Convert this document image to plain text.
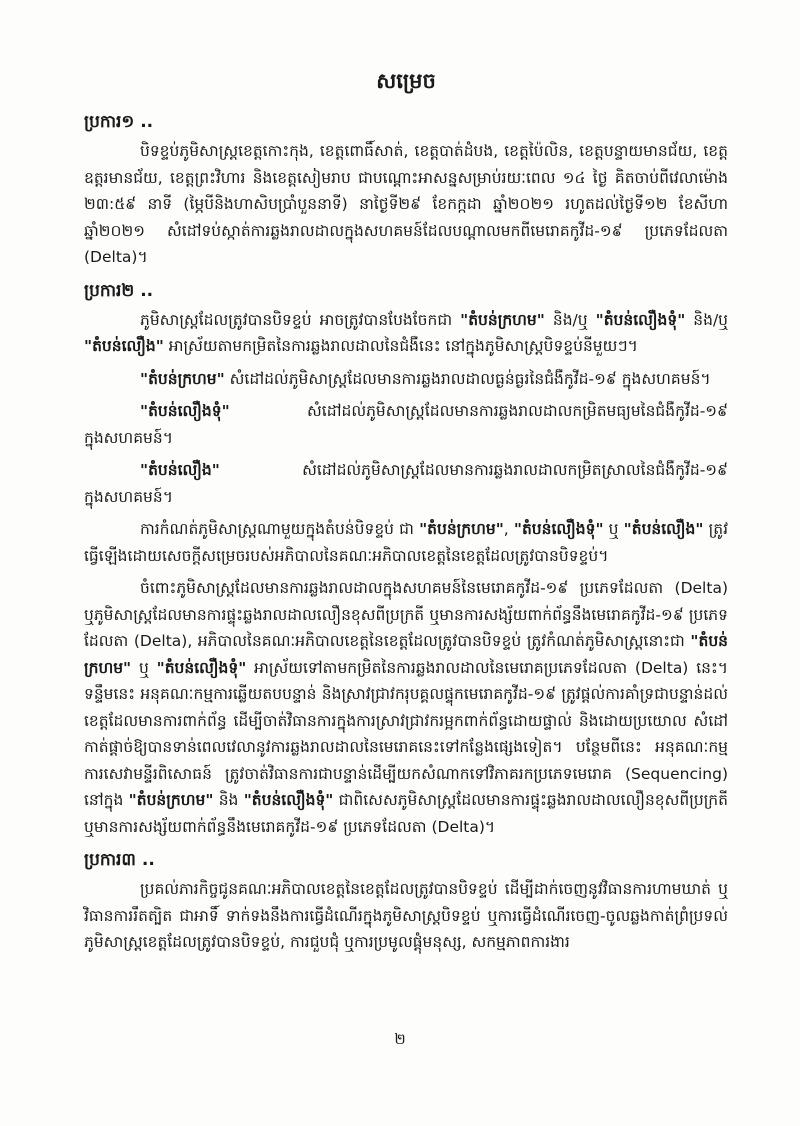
សម្រេច
ប្រការ១ ..

បិទខ្ទប់ភូមិសាស្ត្រខេត្តកោះកុង, ខេត្តពោធិ៍សាត់, ខេត្តបាត់ដំបង, ខេត្តប៉ៃលិន, ខេត្តបន្ទាយមានជ័យ, ខេត្តឧត្តរមានជ័យ, ខេត្តព្រះវិហារ និងខេត្តសៀមរាប ជាបណ្តោះអាសន្នសម្រាប់រយៈពេល ១៤ ថ្ងៃ គិតចាប់ពីវេលាម៉ោង ២៣:៥៩ នាទី (ម្ភៃបីនិងហាសិបប្រាំបួននាទី) នាថ្ងៃទី២៩ ខែកក្កដា ឆ្នាំ២០២១ រហូតដល់ថ្ងៃទី១២ ខែសីហា ឆ្នាំ២០២១ សំដៅទប់ស្កាត់ការឆ្លងរាលដាលក្នុងសហគមន៍ដែលបណ្តាលមកពីមេរោគកូវីដ-១៩ ប្រភេទដែលតា (Delta)។

ប្រការ២ ..

ភូមិសាស្ត្រដែលត្រូវបានបិទខ្ទប់ អាចត្រូវបានបែងចែកជា "តំបន់ក្រហម" និង/ឬ "តំបន់លឿងទុំ" និង/ឬ "តំបន់លឿង" អាស្រ័យតាមកម្រិតនៃការឆ្លងរាលដាលនៃជំងឺនេះ នៅក្នុងភូមិសាស្ត្របិទខ្ទប់នីមួយៗ។

"តំបន់ក្រហម" សំដៅដល់ភូមិសាស្ត្រដែលមានការឆ្លងរាលដាលធ្ងន់ធ្ងរនៃជំងឺកូវីដ-១៩ ក្នុងសហគមន៍។

"តំបន់លឿងទុំ" សំដៅដល់ភូមិសាស្ត្រដែលមានការឆ្លងរាលដាលកម្រិតមធ្យមនៃជំងឺកូវីដ-១៩ ក្នុងសហគមន៍។

"តំបន់លឿង" សំដៅដល់ភូមិសាស្ត្រដែលមានការឆ្លងរាលដាលកម្រិតស្រាលនៃជំងឺកូវីដ-១៩ ក្នុងសហគមន៍។

ការកំណត់ភូមិសាស្ត្រណាមួយក្នុងតំបន់បិទខ្ទប់ ជា "តំបន់ក្រហម", "តំបន់លឿងទុំ" ឬ "តំបន់លឿង" ត្រូវធ្វើឡើងដោយសេចក្តីសម្រេចរបស់អភិបាលនៃគណៈអភិបាលខេត្តនៃខេត្តដែលត្រូវបានបិទខ្ទប់។

ចំពោះភូមិសាស្ត្រដែលមានការឆ្លងរាលដាលក្នុងសហគមន៍នៃមេរោគកូវីដ-១៩ ប្រភេទដែលតា (Delta) ឬភូមិសាស្ត្រដែលមានការផ្ទុះឆ្លងរាលដាលលឿនខុសពីប្រក្រតី ឬមានការសង្ស័យពាក់ព័ន្ធនឹងមេរោគកូវីដ-១៩ ប្រភេទដែលតា (Delta), អភិបាលនៃគណៈអភិបាលខេត្តនៃខេត្តដែលត្រូវបានបិទខ្ទប់ ត្រូវកំណត់ភូមិសាស្ត្រនោះជា "តំបន់ក្រហម" ឬ "តំបន់លឿងទុំ" អាស្រ័យទៅតាមកម្រិតនៃការឆ្លងរាលដាលនៃមេរោគប្រភេទដែលតា (Delta) នេះ។ ទន្ទឹមនេះ អនុគណៈកម្មការឆ្លើយតបបន្ទាន់ និងស្រាវជ្រាវករុបគ្គលផ្ទុកមេរោគកូវីដ-១៩ ត្រូវផ្តល់ការគាំទ្រជាបន្ទាន់ដល់ខេត្តដែលមានការពាក់ព័ន្ធ ដើម្បីចាត់វិធានការក្នុងការស្រាវជ្រាវករម្អកពាក់ព័ន្ធដោយផ្ទាល់ និងដោយប្រយោល សំដៅកាត់ផ្តាច់ឱ្យបានទាន់ពេលវេលានូវការឆ្លងរាលដាលនៃមេរោគនេះទៅកន្លែងផ្សេងទៀត។ បន្ថែមពីនេះ អនុគណៈកម្មការសេវាមន្ទីរពិសោធន៍ ត្រូវចាត់វិធានការជាបន្ទាន់ដើម្បីយកសំណាកទៅវិភាគរកប្រភេទមេរោគ (Sequencing) នៅក្នុង "តំបន់ក្រហម" និង "តំបន់លឿងទុំ" ជាពិសេសភូមិសាស្ត្រដែលមានការផ្ទុះឆ្លងរាលដាលលឿនខុសពីប្រក្រតី ឬមានការសង្ស័យពាក់ព័ន្ធនឹងមេរោគកូវីដ-១៩ ប្រភេទដែលតា (Delta)។

ប្រការ៣ ..

ប្រគល់ភារកិច្ចជូនគណៈអភិបាលខេត្តនៃខេត្តដែលត្រូវបានបិទខ្ទប់ ដើម្បីដាក់ចេញនូវវិធានការហាមឃាត់ ឬវិធានការរឹតត្បិត ជាអាទិ៍ ទាក់ទងនឹងការធ្វើដំណើរក្នុងភូមិសាស្ត្របិទខ្ទប់ ឬការធ្វើដំណើរចេញ-ចូលឆ្លងកាត់ព្រំប្រទល់ភូមិសាស្ត្រខេត្តដែលត្រូវបានបិទខ្ទប់, ការជួបជុំ ឬការប្រមូលផ្តុំមនុស្ស, សកម្មភាពការងារ

២
